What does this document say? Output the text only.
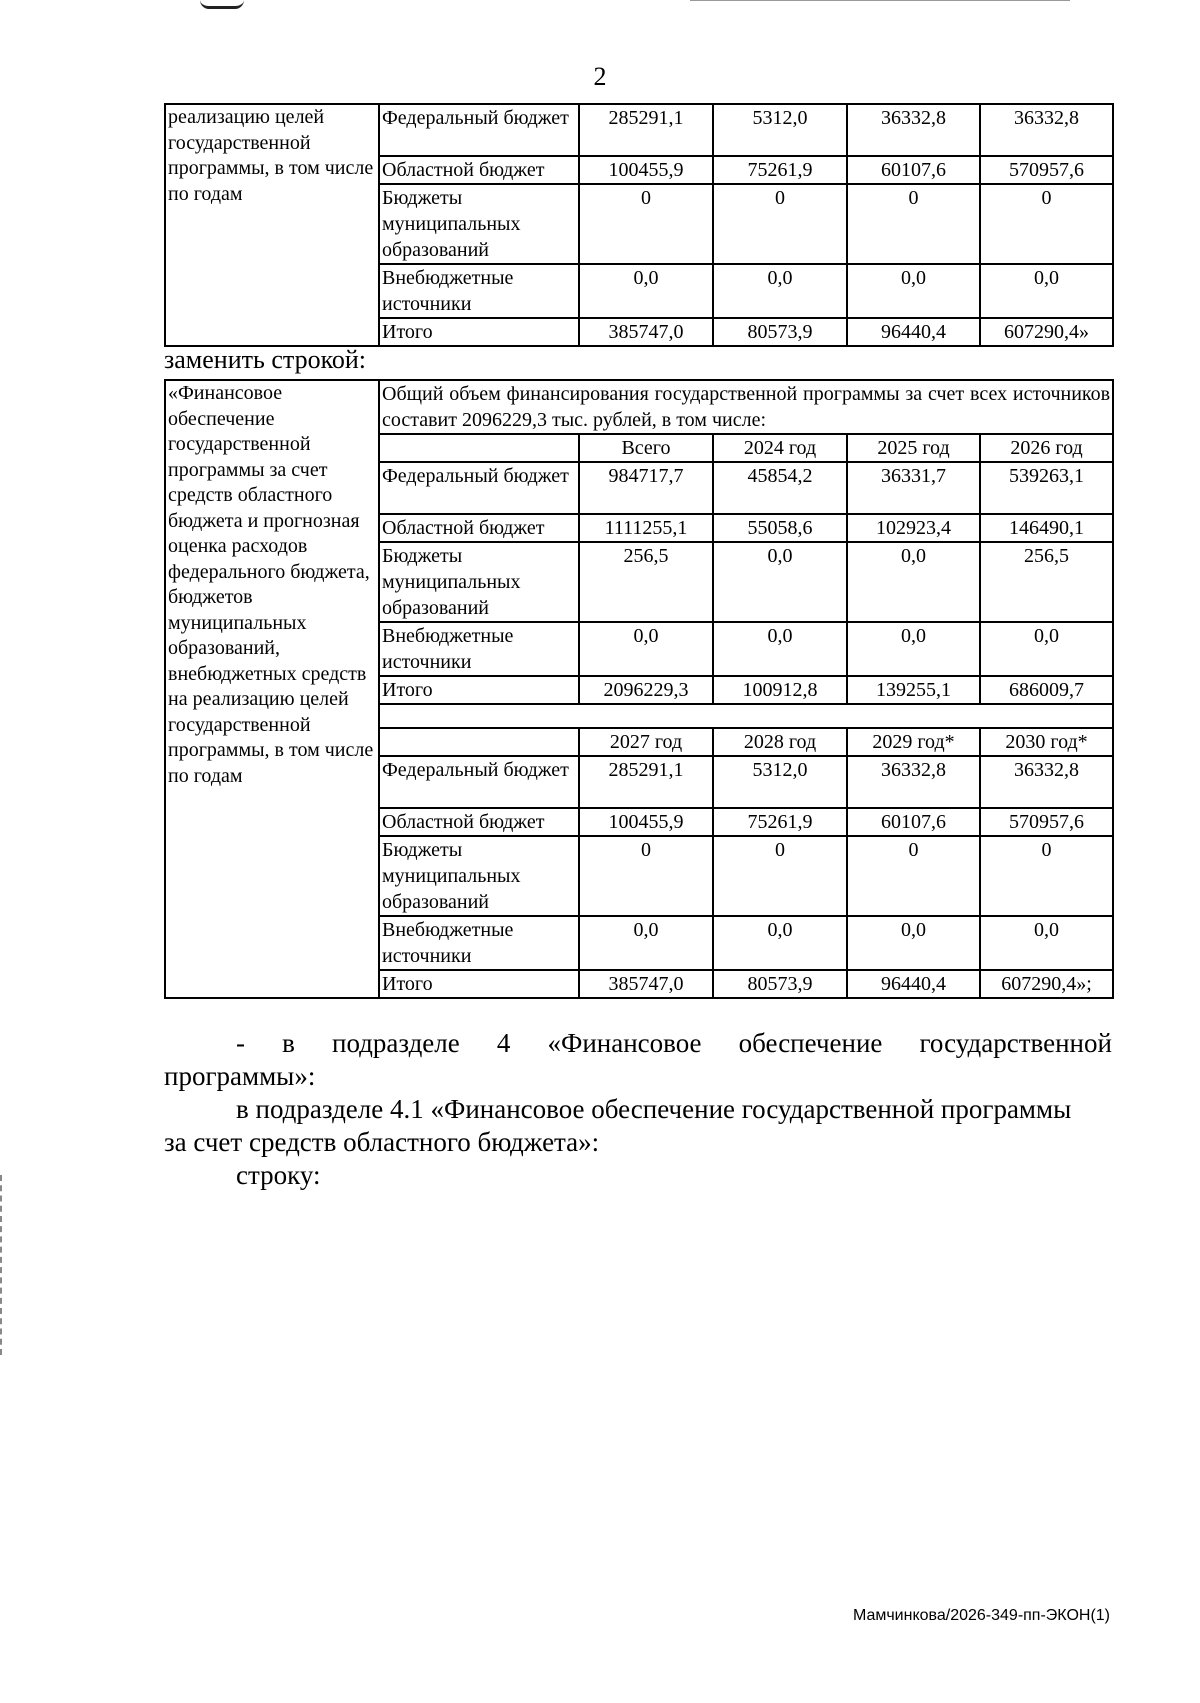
2
реализацию целей государственной программы, в том числе по годам	Федеральный бюджет	285291,1	5312,0	36332,8	36332,8
	Областной бюджет	100455,9	75261,9	60107,6	570957,6
	Бюджеты муниципальных образований	0	0	0	0
	Внебюджетные источники	0,0	0,0	0,0	0,0
	Итого	385747,0	80573,9	96440,4	607290,4»
заменить строкой:
«Финансовое обеспечение государственной программы за счет средств областного бюджета и прогнозная оценка расходов федерального бюджета, бюджетов муниципальных образований, внебюджетных средств на реализацию целей государственной программы, в том числе по годам	Общий объем финансирования государственной программы за счет всех источников составит 2096229,3 тыс. рублей, в том числе:				
		Всего	2024 год	2025 год	2026 год
	Федеральный бюджет	984717,7	45854,2	36331,7	539263,1
	Областной бюджет	1111255,1	55058,6	102923,4	146490,1
	Бюджеты муниципальных образований	256,5	0,0	0,0	256,5
	Внебюджетные источники	0,0	0,0	0,0	0,0
	Итого	2096229,3	100912,8	139255,1	686009,7

		2027 год	2028 год	2029 год*	2030 год*
	Федеральный бюджет	285291,1	5312,0	36332,8	36332,8
	Областной бюджет	100455,9	75261,9	60107,6	570957,6
	Бюджеты муниципальных образований	0	0	0	0
	Внебюджетные источники	0,0	0,0	0,0	0,0
	Итого	385747,0	80573,9	96440,4	607290,4»;
- в подразделе 4 «Финансовое обеспечение государственной
программы»:
в подразделе 4.1 «Финансовое обеспечение государственной программы
за счет средств областного бюджета»:
строку:
Мамчинкова/2026-349-пп-ЭКОН(1)
